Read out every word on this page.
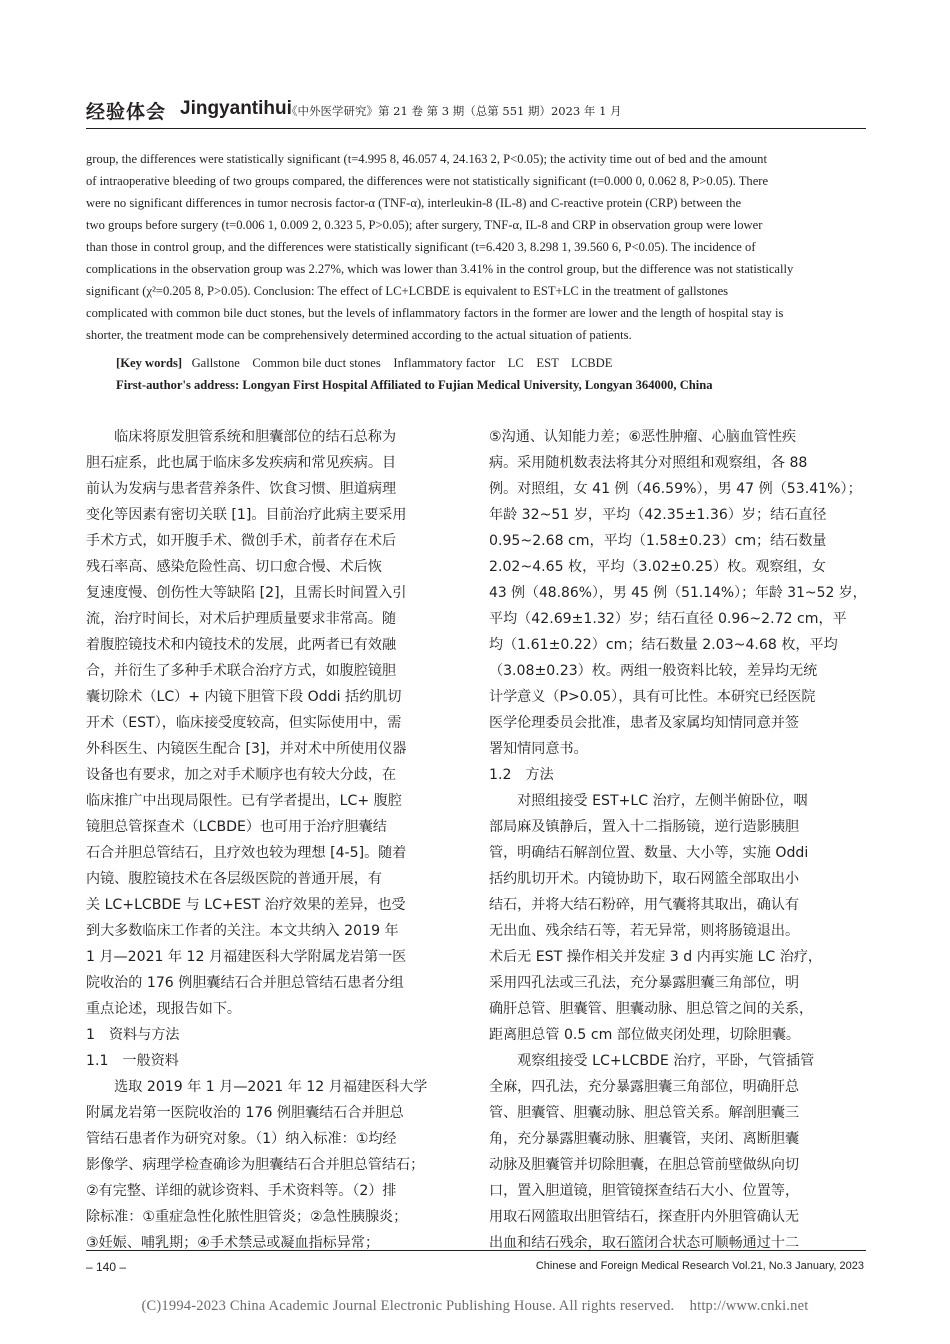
经验体会 Jingyantihui
《中外医学研究》第 21 卷 第 3 期（总第 551 期）2023 年 1 月
group, the differences were statistically significant (t=4.995 8, 46.057 4, 24.163 2, P<0.05); the activity time out of bed and the amount
of intraoperative bleeding of two groups compared, the differences were not statistically significant (t=0.000 0, 0.062 8, P>0.05). There
were no significant differences in tumor necrosis factor-α (TNF-α), interleukin-8 (IL-8) and C-reactive protein (CRP) between the
two groups before surgery (t=0.006 1, 0.009 2, 0.323 5, P>0.05); after surgery, TNF-α, IL-8 and CRP in observation group were lower
than those in control group, and the differences were statistically significant (t=6.420 3, 8.298 1, 39.560 6, P<0.05). The incidence of
complications in the observation group was 2.27%, which was lower than 3.41% in the control group, but the difference was not statistically
significant (χ²=0.205 8, P>0.05). Conclusion: The effect of LC+LCBDE is equivalent to EST+LC in the treatment of gallstones
complicated with common bile duct stones, but the levels of inflammatory factors in the former are lower and the length of hospital stay is
shorter, the treatment mode can be comprehensively determined according to the actual situation of patients.
[Key words] Gallstone    Common bile duct stones    Inflammatory factor    LC    EST    LCBDE
First-author's address: Longyan First Hospital Affiliated to Fujian Medical University, Longyan 364000, China
　　临床将原发胆管系统和胆囊部位的结石总称为
胆石症系，此也属于临床多发疾病和常见疾病。目
前认为发病与患者营养条件、饮食习惯、胆道病理
变化等因素有密切关联 [1]。目前治疗此病主要采用
手术方式，如开腹手术、微创手术，前者存在术后
残石率高、感染危险性高、切口愈合慢、术后恢
复速度慢、创伤性大等缺陷 [2]，且需长时间置入引
流，治疗时间长，对术后护理质量要求非常高。随
着腹腔镜技术和内镜技术的发展，此两者已有效融
合，并衍生了多种手术联合治疗方式，如腹腔镜胆
囊切除术（LC）+ 内镜下胆管下段 Oddi 括约肌切
开术（EST），临床接受度较高，但实际使用中，需
外科医生、内镜医生配合 [3]，并对术中所使用仪器
设备也有要求，加之对手术顺序也有较大分歧，在
临床推广中出现局限性。已有学者提出，LC+ 腹腔
镜胆总管探查术（LCBDE）也可用于治疗胆囊结
石合并胆总管结石，且疗效也较为理想 [4-5]。随着
内镜、腹腔镜技术在各层级医院的普通开展，有
关 LC+LCBDE 与 LC+EST 治疗效果的差异，也受
到大多数临床工作者的关注。本文共纳入 2019 年
1 月—2021 年 12 月福建医科大学附属龙岩第一医
院收治的 176 例胆囊结石合并胆总管结石患者分组
重点论述，现报告如下。
1　资料与方法
1.1　一般资料
　　选取 2019 年 1 月—2021 年 12 月福建医科大学
附属龙岩第一医院收治的 176 例胆囊结石合并胆总
管结石患者作为研究对象。（1）纳入标准：①均经
影像学、病理学检查确诊为胆囊结石合并胆总管结石；
②有完整、详细的就诊资料、手术资料等。（2）排
除标准：①重症急性化脓性胆管炎；②急性胰腺炎；
③妊娠、哺乳期；④手术禁忌或凝血指标异常；
⑤沟通、认知能力差；⑥恶性肿瘤、心脑血管性疾
病。采用随机数表法将其分对照组和观察组，各 88
例。对照组，女 41 例（46.59%），男 47 例（53.41%）；
年龄 32~51 岁，平均（42.35±1.36）岁；结石直径
0.95~2.68 cm，平均（1.58±0.23）cm；结石数量
2.02~4.65 枚，平均（3.02±0.25）枚。观察组，女
43 例（48.86%），男 45 例（51.14%）；年龄 31~52 岁，
平均（42.69±1.32）岁；结石直径 0.96~2.72 cm，平
均（1.61±0.22）cm；结石数量 2.03~4.68 枚，平均
（3.08±0.23）枚。两组一般资料比较，差异均无统
计学意义（P>0.05），具有可比性。本研究已经医院
医学伦理委员会批准，患者及家属均知情同意并签
署知情同意书。
1.2　方法
　　对照组接受 EST+LC 治疗，左侧半俯卧位，咽
部局麻及镇静后，置入十二指肠镜，逆行造影胰胆
管，明确结石解剖位置、数量、大小等，实施 Oddi
括约肌切开术。内镜协助下，取石网篮全部取出小
结石，并将大结石粉碎，用气囊将其取出，确认有
无出血、残余结石等，若无异常，则将肠镜退出。
术后无 EST 操作相关并发症 3 d 内再实施 LC 治疗，
采用四孔法或三孔法，充分暴露胆囊三角部位，明
确肝总管、胆囊管、胆囊动脉、胆总管之间的关系，
距离胆总管 0.5 cm 部位做夹闭处理，切除胆囊。
　　观察组接受 LC+LCBDE 治疗，平卧，气管插管
全麻，四孔法，充分暴露胆囊三角部位，明确肝总
管、胆囊管、胆囊动脉、胆总管关系。解剖胆囊三
角，充分暴露胆囊动脉、胆囊管，夹闭、离断胆囊
动脉及胆囊管并切除胆囊，在胆总管前壁做纵向切
口，置入胆道镜，胆管镜探查结石大小、位置等，
用取石网篮取出胆管结石，探查肝内外胆管确认无
出血和结石残余，取石篮闭合状态可顺畅通过十二
– 140 –	Chinese and Foreign Medical Research Vol.21, No.3 January, 2023
(C)1994-2023 China Academic Journal Electronic Publishing House. All rights reserved.    http://www.cnki.net
